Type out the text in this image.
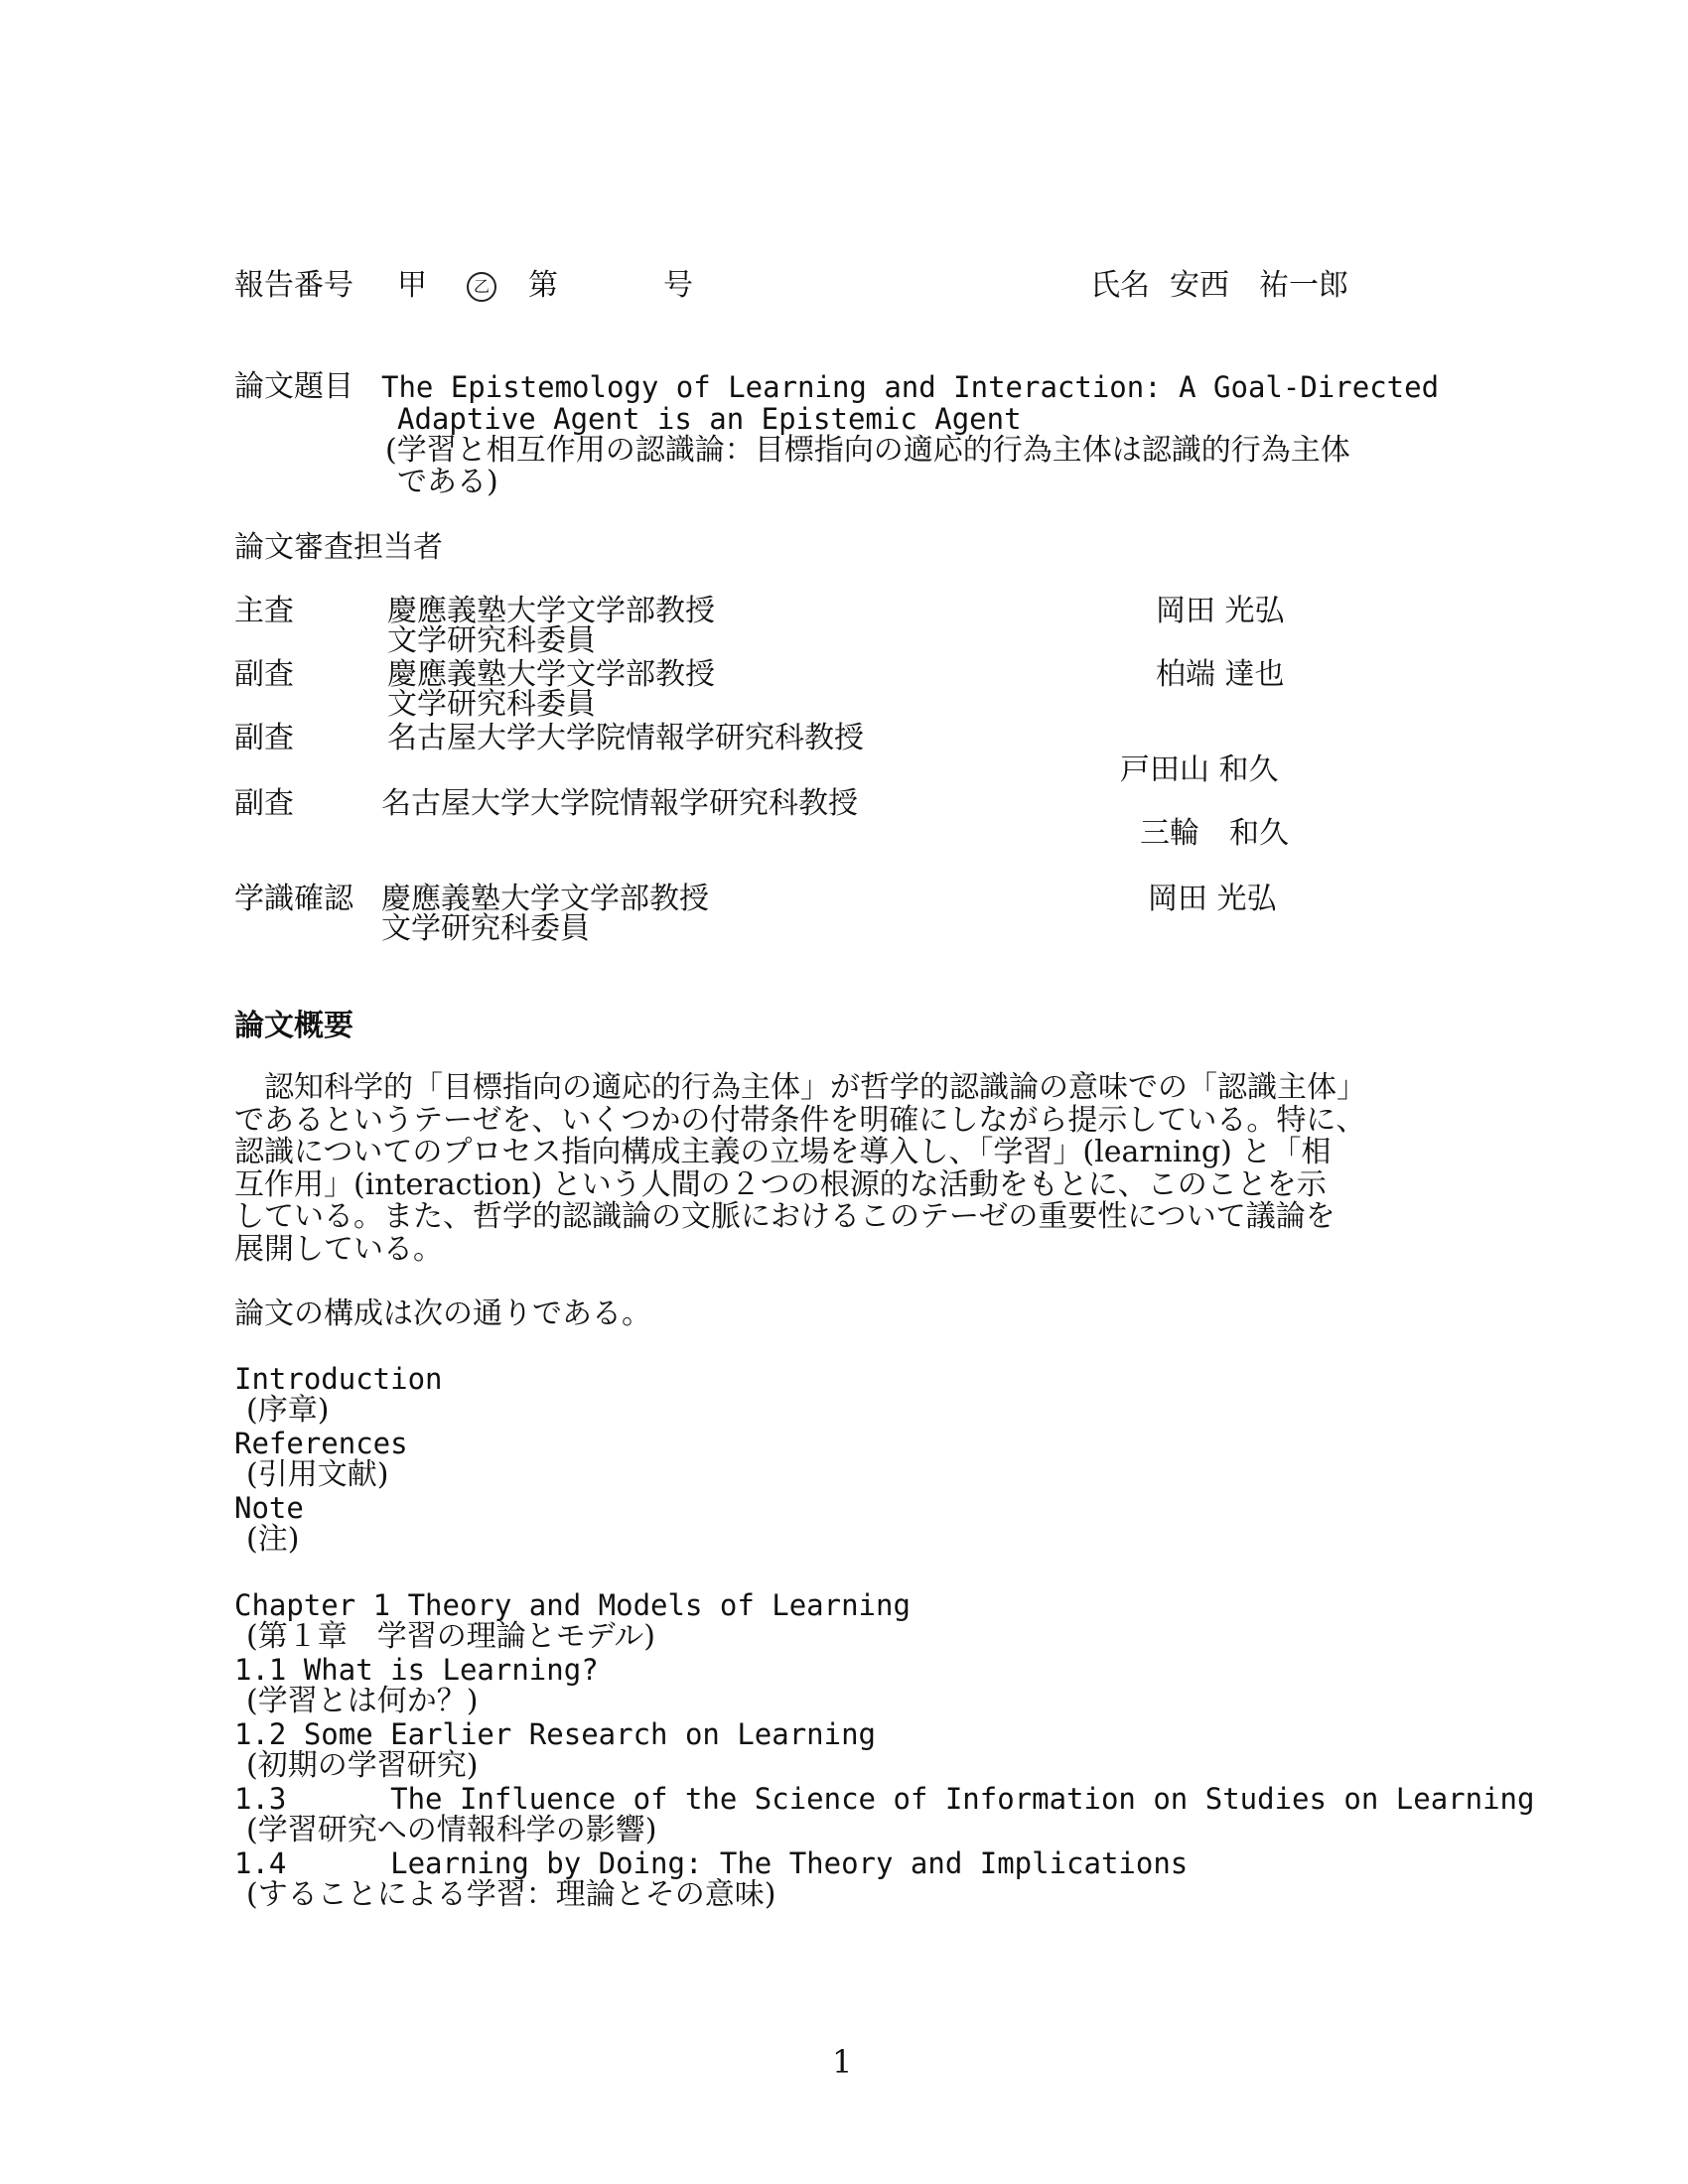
報告番号 甲	乙 第	号	氏名 安西　祐一郎
論文題目 The Epistemology of Learning and Interaction: A Goal-Directed
Adaptive Agent is an Epistemic Agent
(学習と相互作用の認識論：目標指向の適応的行為主体は認識的行為主体
である)
論文審査担当者
主査	慶應義塾大学文学部教授
文学研究科委員
岡田 光弘
副査	慶應義塾大学文学部教授
文学研究科委員
柏端 達也
副査	名古屋大学大学院情報学研究科教授
戸田山 和久
副査	名古屋大学大学院情報学研究科教授
三輪　和久
学識確認 慶應義塾大学文学部教授
文学研究科委員
岡田 光弘
論文概要
　認知科学的「目標指向の適応的行為主体」が哲学的認識論の意味での「認識主体」
であるというテーゼを、いくつかの付帯条件を明確にしながら提示している。特に、
認識についてのプロセス指向構成主義の立場を導入し、「学習」(learning) と「相
互作用」(interaction) という人間の２つの根源的な活動をもとに、このことを示
している。また、哲学的認識論の文脈におけるこのテーゼの重要性について議論を
展開している。
論文の構成は次の通りである。
Introduction
(序章)
References
(引用文献)
Note
(注)
Chapter 1 Theory and Models of Learning
(第１章　学習の理論とモデル)
1.1 What is Learning?
(学習とは何か？)
1.2 Some Earlier Research on Learning
(初期の学習研究)
1.3      The Influence of the Science of Information on Studies on Learning
(学習研究への情報科学の影響)
1.4      Learning by Doing: The Theory and Implications
(することによる学習：理論とその意味)
1
